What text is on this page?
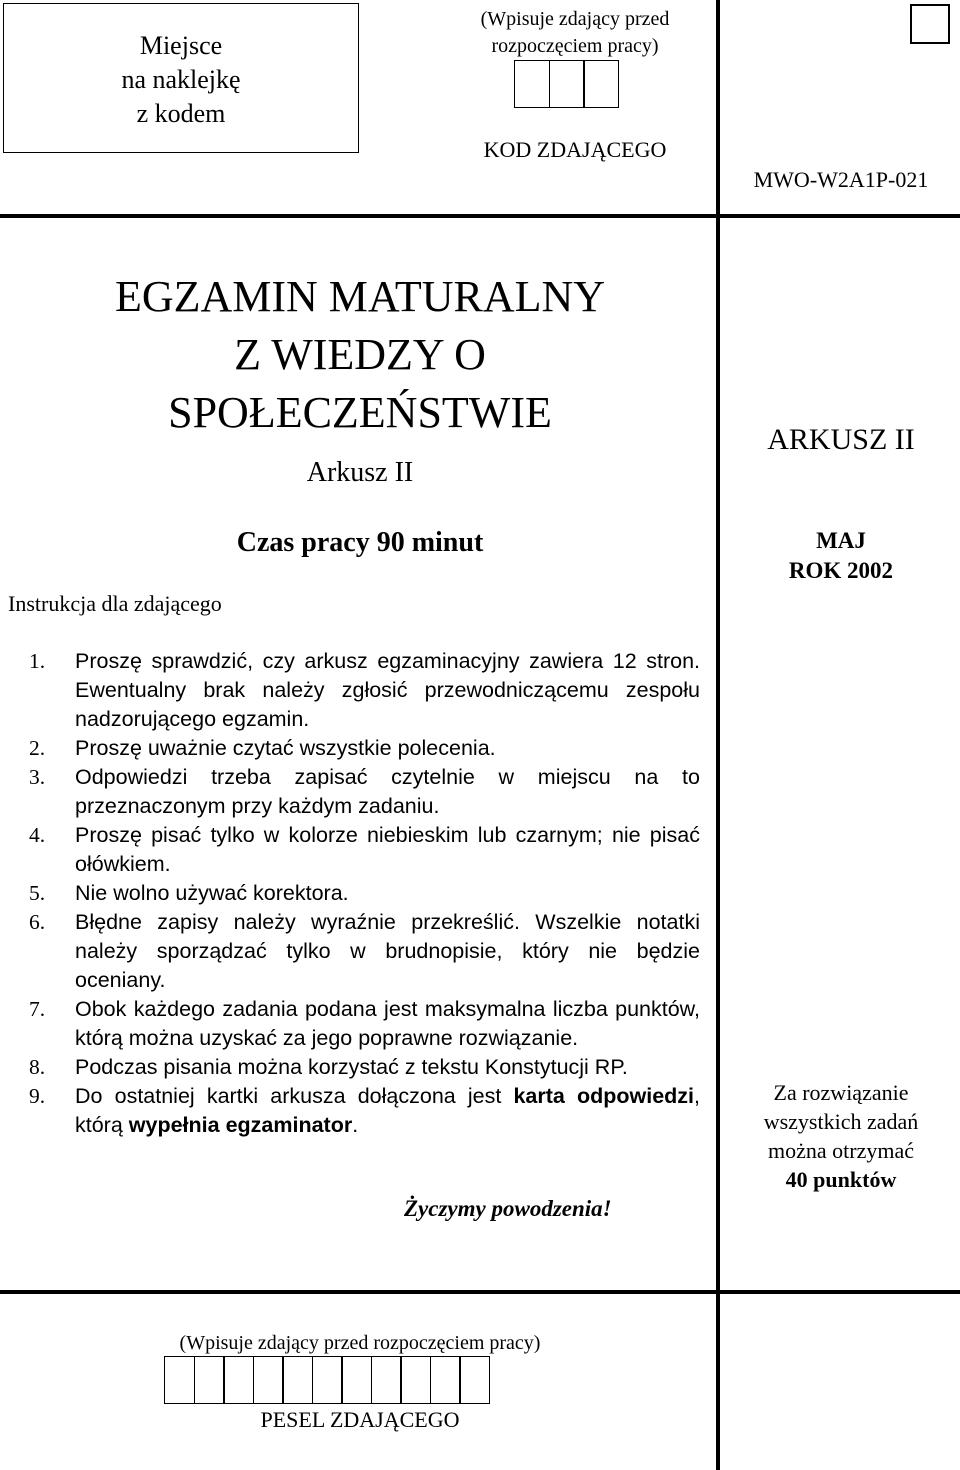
Miejsce
na naklejkę
z kodem
(Wpisuje zdający przed
rozpoczęciem pracy)
KOD ZDAJĄCEGO
MWO-W2A1P-021
EGZAMIN MATURALNY
Z WIEDZY O
SPOŁECZEŃSTWIE
Arkusz II
Czas pracy 90 minut
ARKUSZ II
MAJ
ROK 2002
Instrukcja dla zdającego
1. Proszę sprawdzić, czy arkusz egzaminacyjny zawiera 12 stron. Ewentualny brak należy zgłosić przewodniczącemu zespołu nadzorującego egzamin.
2. Proszę uważnie czytać wszystkie polecenia.
3. Odpowiedzi trzeba zapisać czytelnie w miejscu na to przeznaczonym przy każdym zadaniu.
4. Proszę pisać tylko w kolorze niebieskim lub czarnym; nie pisać ołówkiem.
5. Nie wolno używać korektora.
6. Błędne zapisy należy wyraźnie przekreślić. Wszelkie notatki należy sporządzać tylko w brudnopisie, który nie będzie oceniany.
7. Obok każdego zadania podana jest maksymalna liczba punktów, którą można uzyskać za jego poprawne rozwiązanie.
8. Podczas pisania można korzystać z tekstu Konstytucji RP.
9. Do ostatniej kartki arkusza dołączona jest karta odpowiedzi, którą wypełnia egzaminator.
Życzymy powodzenia!
Za rozwiązanie
wszystkich zadań
można otrzymać
40 punktów
(Wpisuje zdający przed rozpoczęciem pracy)
PESEL ZDAJĄCEGO
